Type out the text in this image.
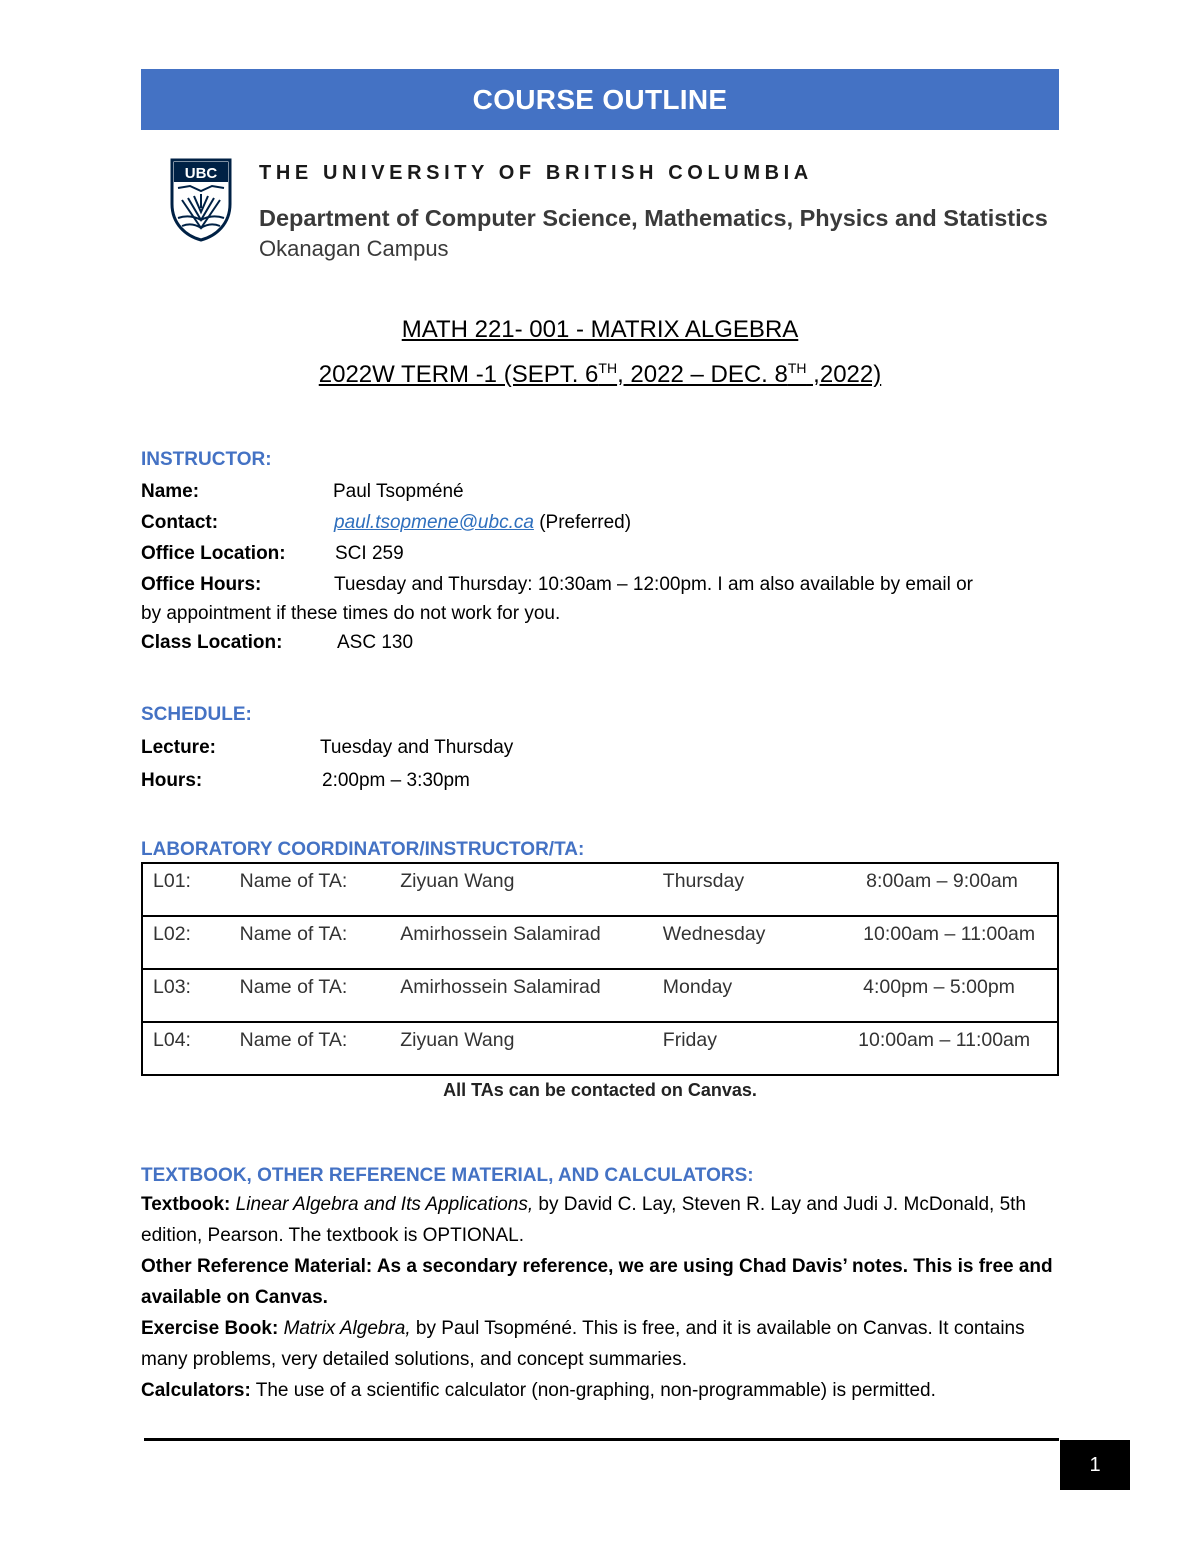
COURSE OUTLINE
UBC THE UNIVERSITY OF BRITISH COLUMBIA
Department of Computer Science, Mathematics, Physics and Statistics
Okanagan Campus
MATH 221- 001 - MATRIX ALGEBRA
2022W TERM -1 (SEPT. 6TH, 2022 – DEC. 8TH ,2022)
INSTRUCTOR:
Name:	Paul Tsopméné
Contact:	paul.tsopmene@ubc.ca (Preferred)
Office Location:	SCI 259
Office Hours:	Tuesday and Thursday: 10:30am – 12:00pm. I am also available by email or
by appointment if these times do not work for you.
Class Location:	ASC 130
SCHEDULE:
Lecture:	Tuesday and Thursday
Hours:	2:00pm – 3:30pm
LABORATORY COORDINATOR/INSTRUCTOR/TA:
L01:	Name of TA:	Ziyuan Wang	Thursday	8:00am – 9:00am
L02:	Name of TA:	Amirhossein Salamirad	Wednesday	10:00am – 11:00am
L03:	Name of TA:	Amirhossein Salamirad	Monday	4:00pm – 5:00pm
L04:	Name of TA:	Ziyuan Wang	Friday	10:00am – 11:00am
All TAs can be contacted on Canvas.
TEXTBOOK, OTHER REFERENCE MATERIAL, AND CALCULATORS:
Textbook: Linear Algebra and Its Applications, by David C. Lay, Steven R. Lay and Judi J. McDonald, 5th edition, Pearson. The textbook is OPTIONAL.
Other Reference Material: As a secondary reference, we are using Chad Davis’ notes. This is free and available on Canvas.
Exercise Book: Matrix Algebra, by Paul Tsopméné. This is free, and it is available on Canvas. It contains many problems, very detailed solutions, and concept summaries.
Calculators: The use of a scientific calculator (non-graphing, non-programmable) is permitted.
1
